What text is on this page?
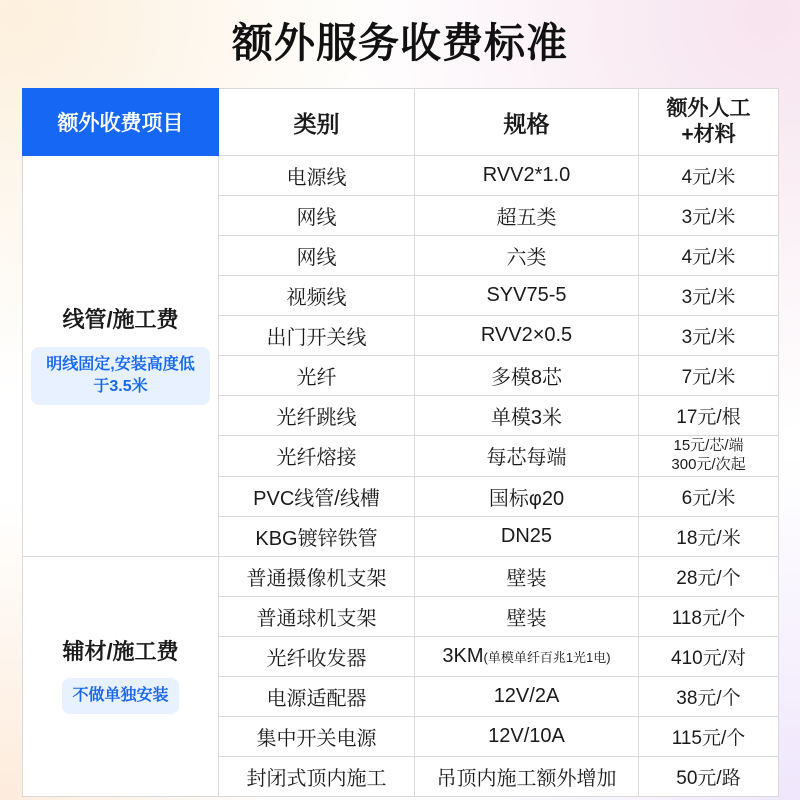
额外服务收费标准
额外收费项目	类别	规格	额外人工
+材料

线管/施工费
明线固定,安装高度低于3.5米	电源线	RVV2*1.0	4元/米
	网线	超五类	3元/米
	网线	六类	4元/米
	视频线	SYV75-5	3元/米
	出门开关线	RVV2×0.5	3元/米
	光纤	多模8芯	7元/米
	光纤跳线	单模3米	17元/根
	光纤熔接	每芯每端	15元/芯/端
300元/次起

	PVC线管/线槽	国标φ20	6元/米
	KBG镀锌铁管	DN25	18元/米

辅材/施工费
不做单独安装	普通摄像机支架	壁装	28元/个
	普通球机支架	壁装	118元/个
	光纤收发器	3KM(单模单纤百兆1光1电)	410元/对
	电源适配器	12V/2A	38元/个
	集中开关电源	12V/10A	115元/个
	封闭式顶内施工	吊顶内施工额外增加	50元/路
